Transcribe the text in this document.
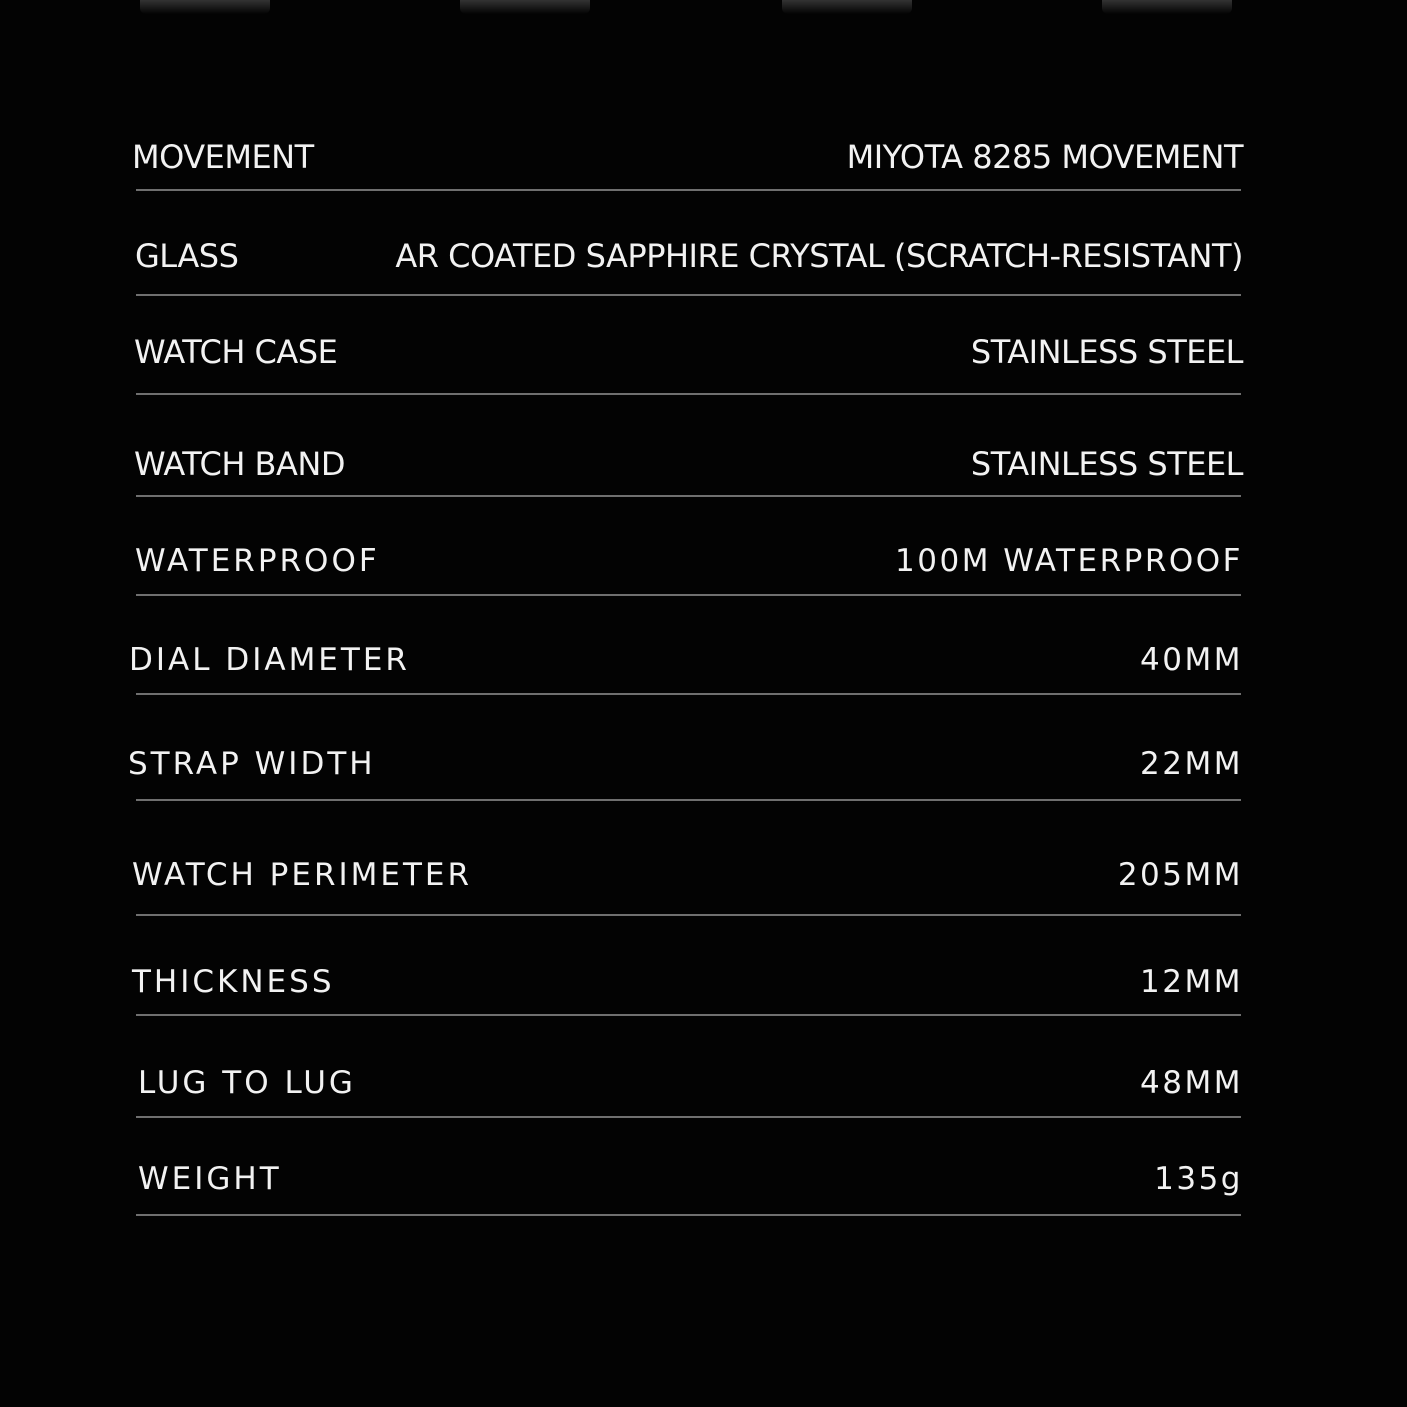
MOVEMENT	MIYOTA 8285 MOVEMENT
GLASS	AR COATED SAPPHIRE CRYSTAL (SCRATCH-RESISTANT)
WATCH CASE	STAINLESS STEEL
WATCH BAND	STAINLESS STEEL
WATERPROOF	100M WATERPROOF
DIAL DIAMETER	40MM
STRAP WIDTH	22MM
WATCH PERIMETER	205MM
THICKNESS	12MM
LUG TO LUG	48MM
WEIGHT	135g
